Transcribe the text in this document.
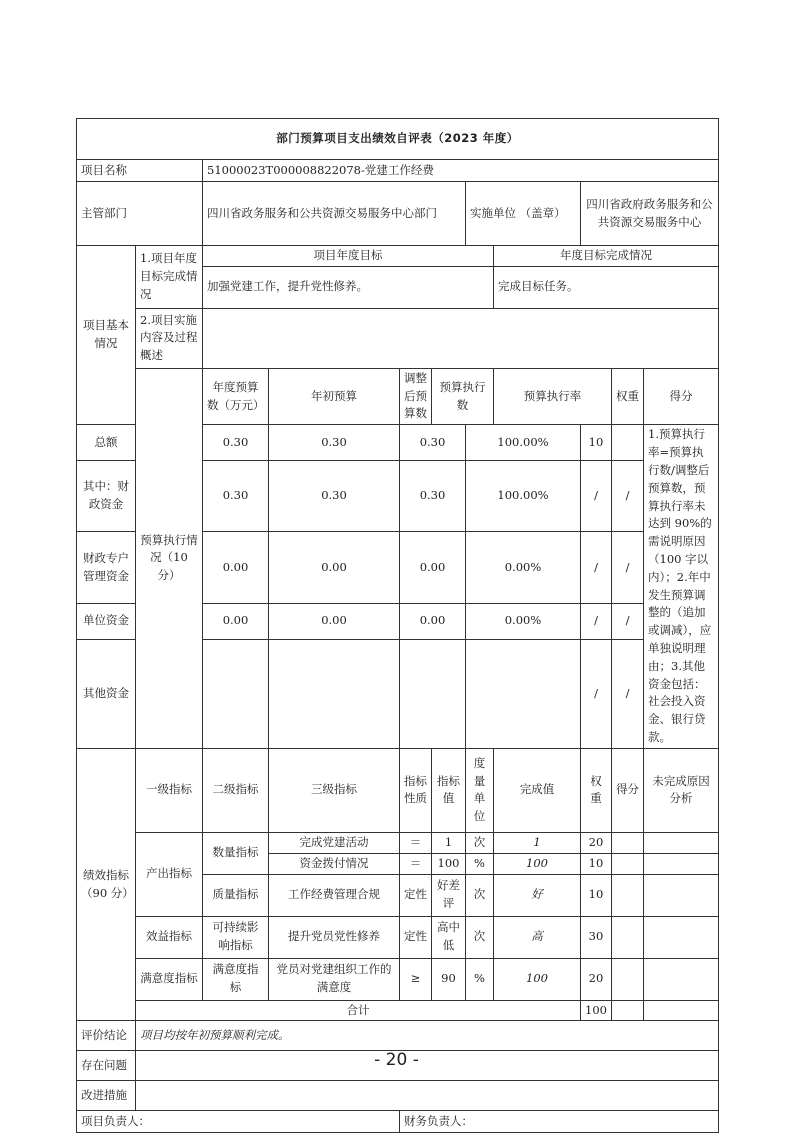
部门预算项目支出绩效自评表（2023 年度）											
项目名称		51000023T000008822078-党建工作经费									
主管部门		四川省政务服务和公共资源交易服务中心部门				实施单位 （盖章）		四川省政府政务服务和公共资源交易服务中心			
项目基本情况	1.项目年度目标完成情况	项目年度目标					年度目标完成情况				
		加强党建工作，提升党性修养。					完成目标任务。				
	2.项目实施内容及过程概述										
	预算执行情况（10 分）	年度预算数（万元）	年初预算	调整后预算数	预算执行数		预算执行率		权重	得分	
总额		0.30	0.30	0.30		100.00%		10		1.预算执行率=预算执行数/调整后预算数，预算执行率未达到 90%的需说明原因（100 字以内）；2.年中发生预算调整的（追加或调减），应单独说明理由；3.其他资金包括：社会投入资金、银行贷款。	
其中：财政资金		0.30	0.30	0.30		100.00%		/	/		
财政专户管理资金		0.00	0.00	0.00		0.00%		/	/		
单位资金		0.00	0.00	0.00		0.00%		/	/		
其他资金								/	/		
绩效指标（90 分）	一级指标	二级指标	三级指标	指标性质	指标值	度量单位	完成值	权重	得分	未完成原因分析	
	产出指标	数量指标	完成党建活动	＝	1	次	1	20			
			资金拨付情况	＝	100	%	100	10			
		质量指标	工作经费管理合规	定性	好差评	次	好	10			
	效益指标	可持续影响指标	提升党员党性修养	定性	高中低	次	高	30			
	满意度指标	满意度指标	党员对党建组织工作的满意度	≥	90	%	100	20			
	合计							100			
评价结论	项目均按年初预算顺利完成。										
存在问题											
改进措施											
项目负责人：				财务负责人：							
- 20 -
